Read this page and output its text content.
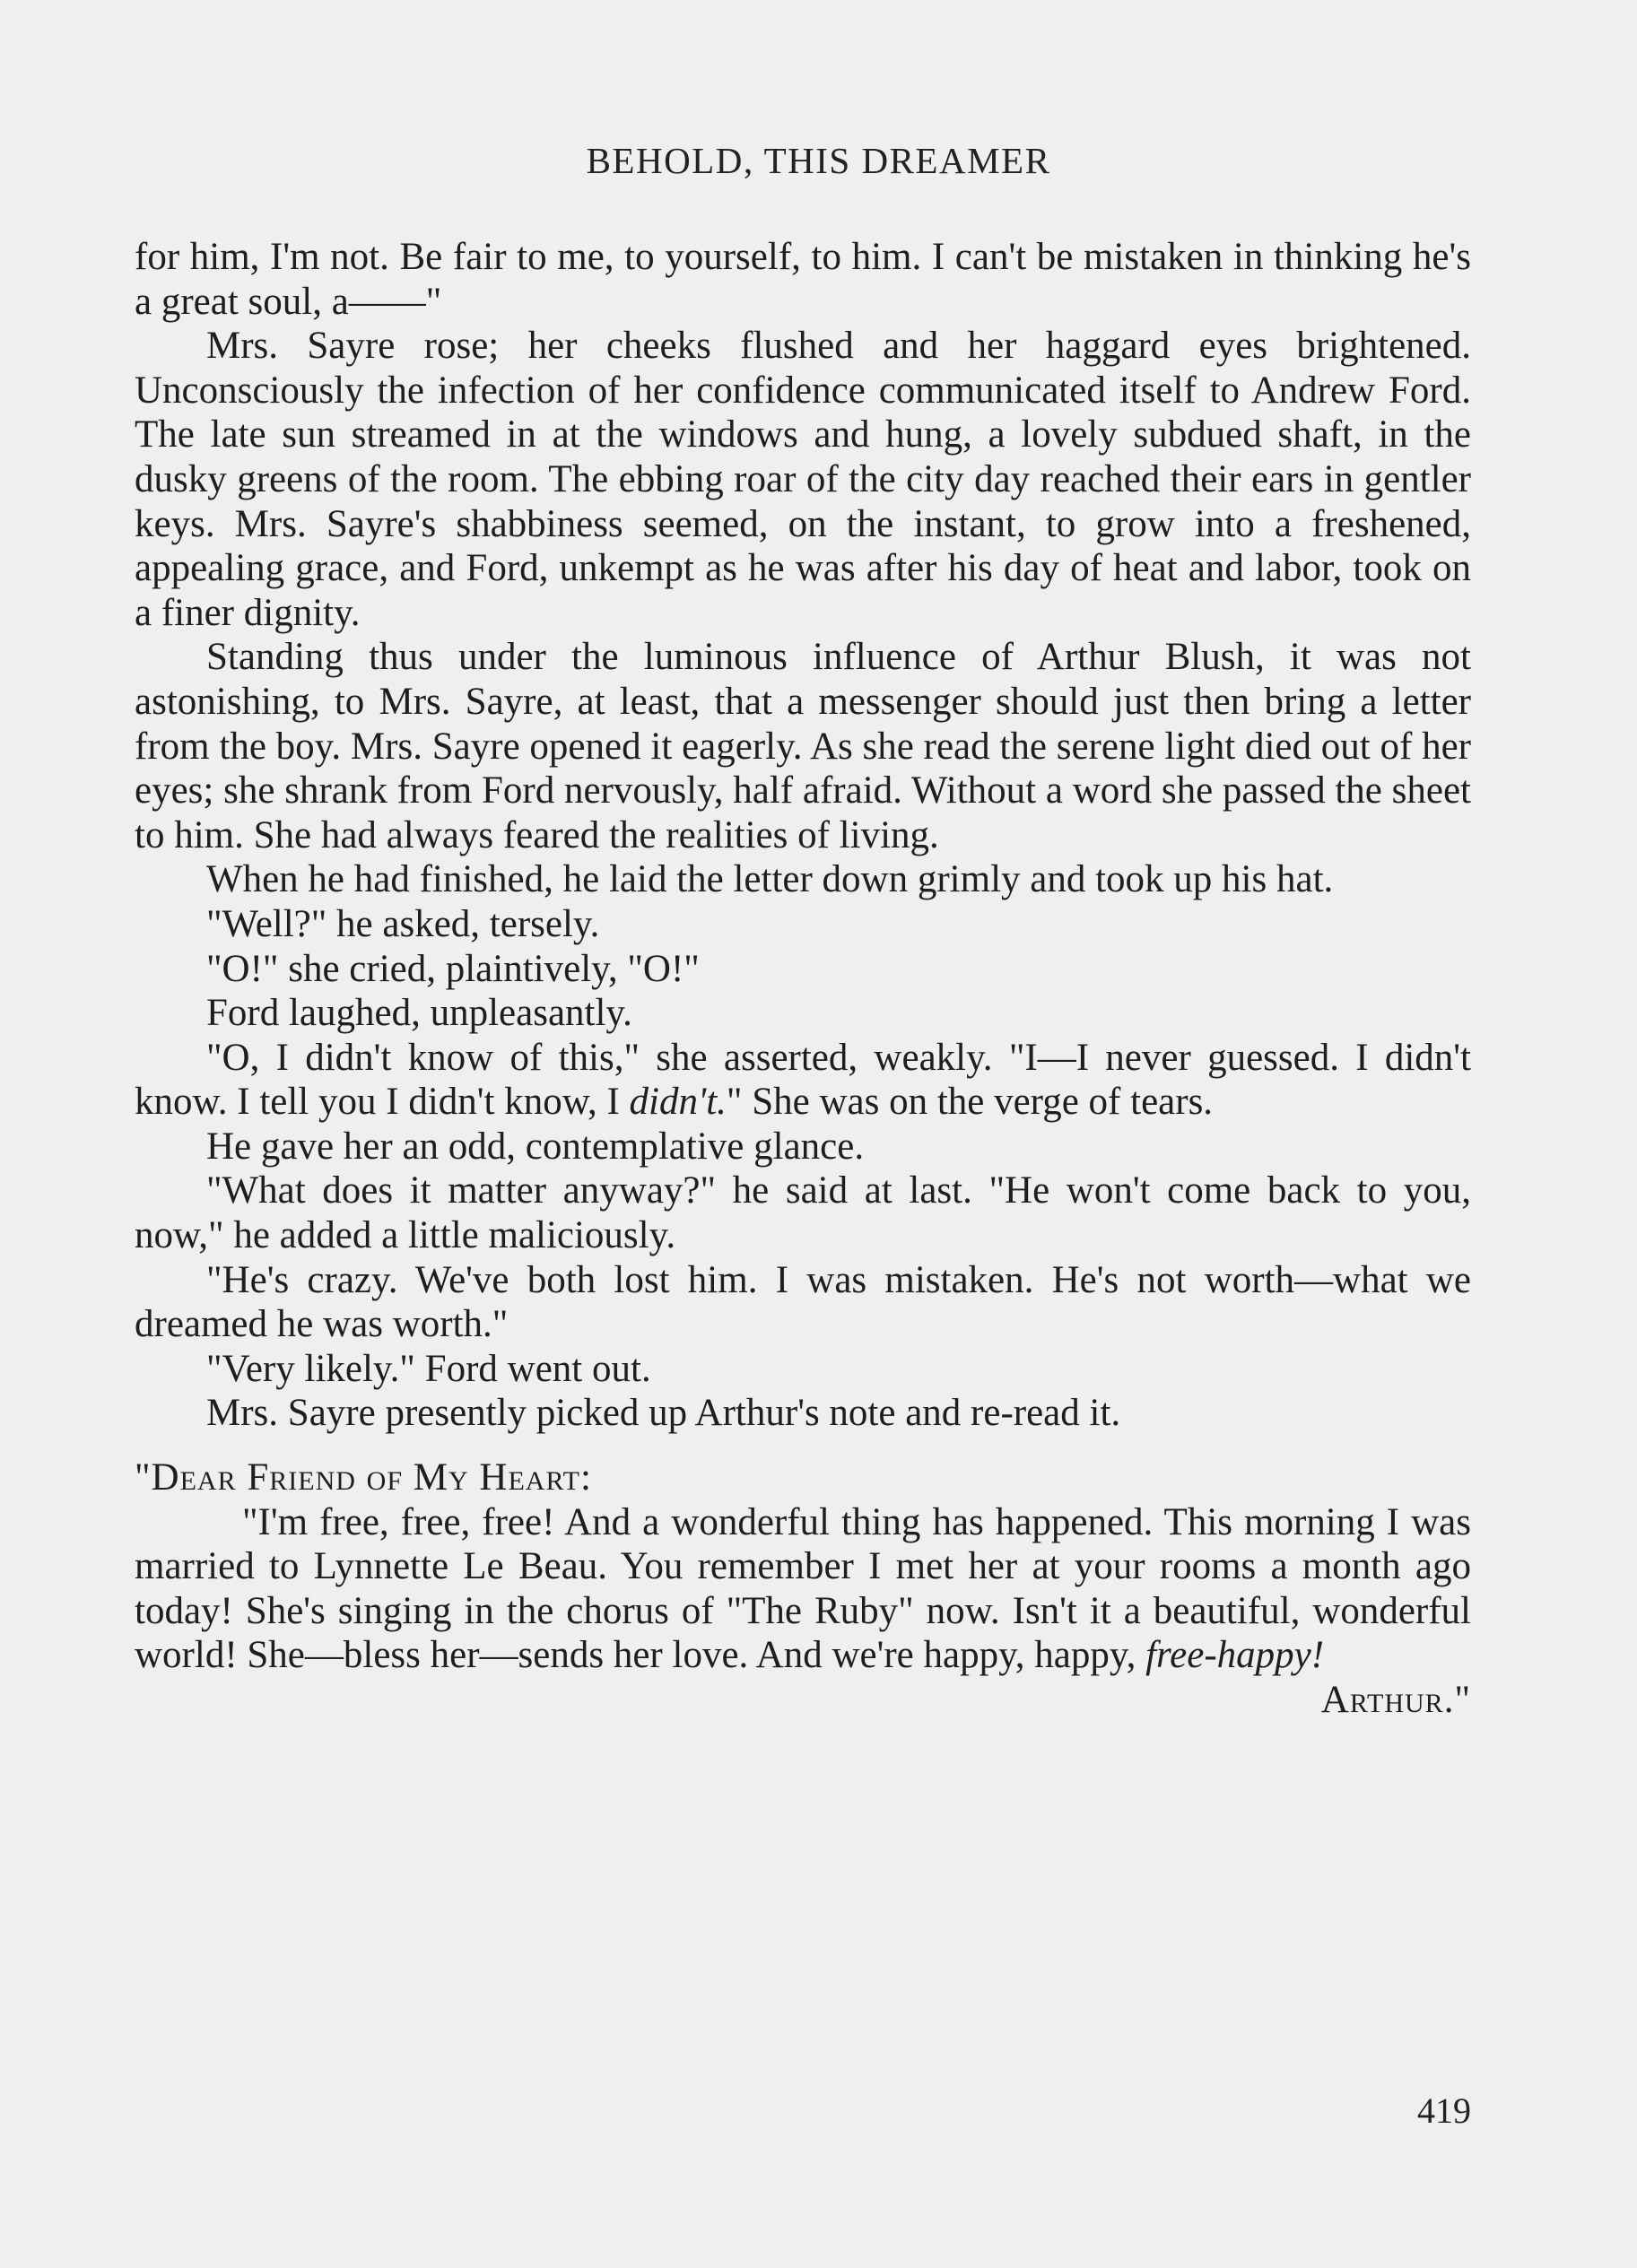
BEHOLD, THIS DREAMER

for him, I'm not. Be fair to me, to yourself, to him. I can't be mistaken in thinking he's a great soul, a——"

Mrs. Sayre rose; her cheeks flushed and her haggard eyes brightened. Unconsciously the infection of her confidence communicated itself to Andrew Ford. The late sun streamed in at the windows and hung, a lovely subdued shaft, in the dusky greens of the room. The ebbing roar of the city day reached their ears in gentler keys. Mrs. Sayre's shabbiness seemed, on the instant, to grow into a freshened, appealing grace, and Ford, unkempt as he was after his day of heat and labor, took on a finer dignity.

Standing thus under the luminous influence of Arthur Blush, it was not astonishing, to Mrs. Sayre, at least, that a messenger should just then bring a letter from the boy. Mrs. Sayre opened it eagerly. As she read the serene light died out of her eyes; she shrank from Ford nervously, half afraid. Without a word she passed the sheet to him. She had always feared the realities of living.

When he had finished, he laid the letter down grimly and took up his hat.

"Well?" he asked, tersely.

"O!" she cried, plaintively, "O!"

Ford laughed, unpleasantly.

"O, I didn't know of this," she asserted, weakly. "I—I never guessed. I didn't know. I tell you I didn't know, I didn't." She was on the verge of tears.

He gave her an odd, contemplative glance.

"What does it matter anyway?" he said at last. "He won't come back to you, now," he added a little maliciously.

"He's crazy. We've both lost him. I was mistaken. He's not worth—what we dreamed he was worth."

"Very likely." Ford went out.

Mrs. Sayre presently picked up Arthur's note and re-read it.

"Dear Friend of My Heart:

"I'm free, free, free! And a wonderful thing has happened. This morning I was married to Lynnette Le Beau. You remember I met her at your rooms a month ago today! She's singing in the chorus of "The Ruby" now. Isn't it a beautiful, wonderful world! She—bless her—sends her love. And we're happy, happy, free-happy!
Arthur."

419
